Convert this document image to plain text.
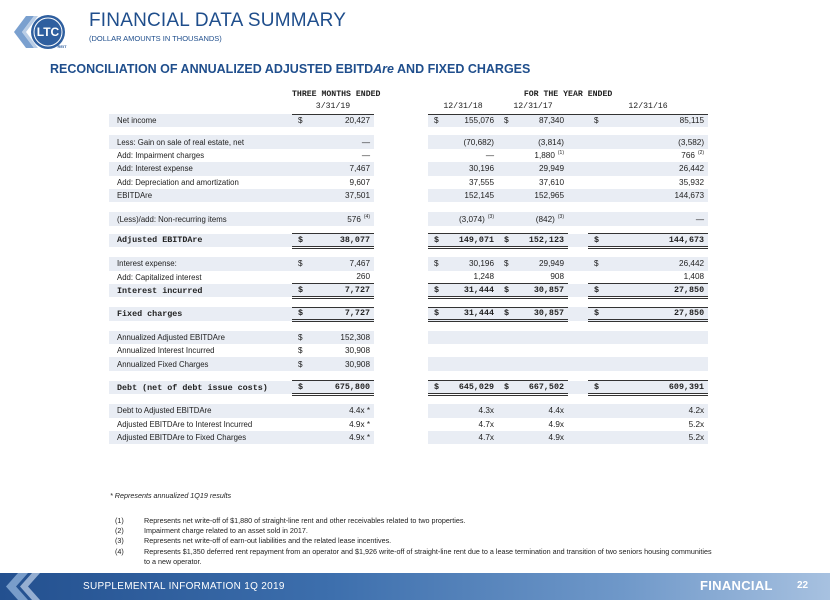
LTC
REIT
FINANCIAL DATA SUMMARY
(DOLLAR AMOUNTS IN THOUSANDS)
RECONCILIATION OF ANNUALIZED ADJUSTED EBITDAre AND FIXED CHARGES
	THREE MONTHS ENDED			FOR THE YEAR ENDED						
	3/31/19			12/31/18		12/31/17			12/31/16	
Net income	$	20,427		$	155,076	$	87,340		$	85,115

Less: Gain on sale of real estate, net		—			(70,682)		(3,814)			(3,582)
Add: Impairment charges		—			—		1,880 $^{(1)}$			766 $^{(2)}$
Add: Interest expense		7,467			30,196		29,949			26,442
Add: Depreciation and amortization		9,607			37,555		37,610			35,932
EBITDAre		37,501			152,145		152,965			144,673

(Less)/add: Non-recurring items		576 $^{(4)}$			(3,074) $^{(3)}$		(842) $^{(3)}$			—

Adjusted EBITDAre	$	38,077		$	149,071	$	152,123		$	144,673

Interest expense:	$	7,467		$	30,196	$	29,949		$	26,442
Add: Capitalized interest		260			1,248		908			1,408
Interest incurred	$	7,727		$	31,444	$	30,857		$	27,850

Fixed charges	$	7,727		$	31,444	$	30,857		$	27,850

Annualized Adjusted EBITDAre	$	152,308								
Annualized Interest Incurred	$	30,908								
Annualized Fixed Charges	$	30,908								

Debt (net of debt issue costs)	$	675,800		$	645,029	$	667,502		$	609,391

Debt to Adjusted EBITDAre		4.4x *			4.3x		4.4x			4.2x
Adjusted EBITDAre to Interest Incurred		4.9x *			4.7x		4.9x			5.2x
Adjusted EBITDAre to Fixed Charges		4.9x *			4.7x		4.9x			5.2x
* Represents annualized 1Q19 results
(1)	Represents net write-off of $1,880 of straight-line rent and other receivables related to two properties.
(2)	Impairment charge related to an asset sold in 2017.
(3)	Represents net write-off of earn-out liabilities and the related lease incentives.
(4)	Represents $1,350 deferred rent repayment from an operator and $1,926 write-off of straight-line rent due to a lease termination and transition of two seniors housing communities to a new operator.
SUPPLEMENTAL INFORMATION 1Q 2019	FINANCIAL 22
